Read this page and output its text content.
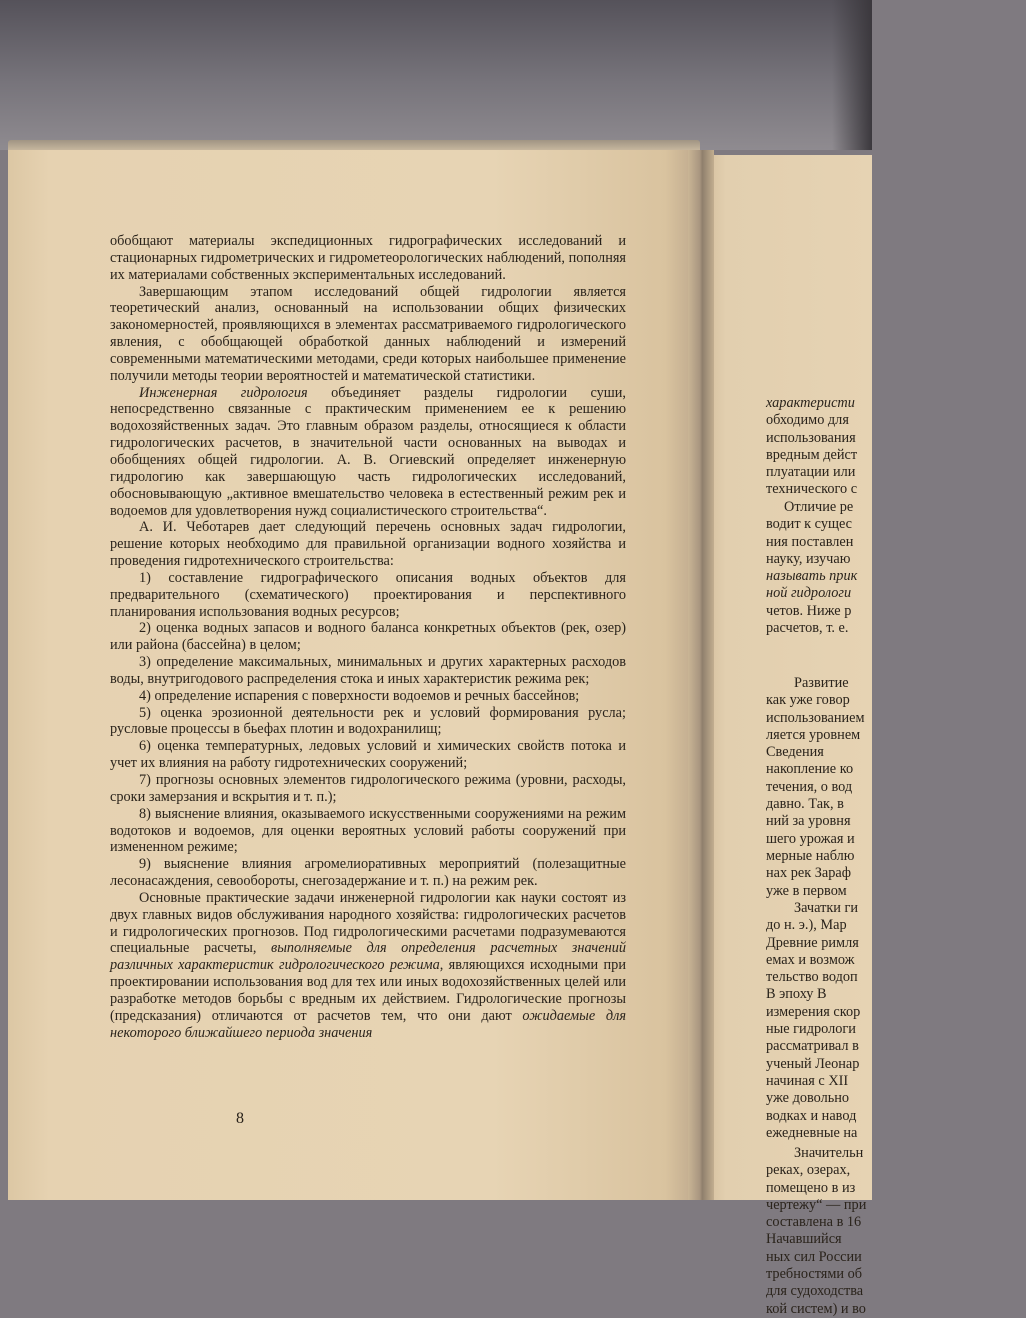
характеристи
обходимо для
использования
вредным дейст
плуатации или
технического с
Отличие ре
водит к сущес
ния поставлен
науку, изучаю
называть прик
ной гидрологи
четов. Ниже р
расчетов, т. е.
Развитие
как уже говор
использованием
ляется уровнем
Сведения
накопление ко
течения, о вод
давно. Так, в
ний за уровня
шего урожая и
мерные наблю
нах рек Зараф
уже в первом
Зачатки ги
до н. э.), Мар
Древние римля
емах и возмож
тельство водоп
В эпоху В
измерения скор
ные гидрологи
рассматривал в
ученый Леонар
начиная с XII
уже довольно
водках и навод
ежедневные на
Значительн
реках, озерах,
помещено в из
чертежу“ — при
составлена в 16
Начавшийся
ных сил России
требностями об
для судоходства
кой систем) и во

обобщают материалы экспедиционных гидрографических исследований и стационарных гидрометрических и гидрометеорологических наблюдений, пополняя их материалами собственных экспериментальных исследований.

Завершающим этапом исследований общей гидрологии является теоретический анализ, основанный на использовании общих физических закономерностей, проявляющихся в элементах рассматриваемого гидрологического явления, с обобщающей обработкой данных наблюдений и измерений современными математическими методами, среди которых наибольшее применение получили методы теории вероятностей и математической статистики.

Инженерная гидрология объединяет разделы гидрологии суши, непосредственно связанные с практическим применением ее к решению водохозяйственных задач. Это главным образом разделы, относящиеся к области гидрологических расчетов, в значительной части основанных на выводах и обобщениях общей гидрологии. А. В. Огиевский определяет инженерную гидрологию как завершающую часть гидрологических исследований, обосновывающую „активное вмешательство человека в естественный режим рек и водоемов для удовлетворения нужд социалистического строительства“.

А. И. Чеботарев дает следующий перечень основных задач гидрологии, решение которых необходимо для правильной организации водного хозяйства и проведения гидротехнического строительства:

1) составление гидрографического описания водных объектов для предварительного (схематического) проектирования и перспективного планирования использования водных ресурсов;

2) оценка водных запасов и водного баланса конкретных объектов (рек, озер) или района (бассейна) в целом;

3) определение максимальных, минимальных и других характерных расходов воды, внутригодового распределения стока и иных характеристик режима рек;

4) определение испарения с поверхности водоемов и речных бассейнов;

5) оценка эрозионной деятельности рек и условий формирования русла; русловые процессы в бьефах плотин и водохранилищ;

6) оценка температурных, ледовых условий и химических свойств потока и учет их влияния на работу гидротехнических сооружений;

7) прогнозы основных элементов гидрологического режима (уровни, расходы, сроки замерзания и вскрытия и т. п.);

8) выяснение влияния, оказываемого искусственными сооружениями на режим водотоков и водоемов, для оценки вероятных условий работы сооружений при измененном режиме;

9) выяснение влияния агромелиоративных мероприятий (полезащитные лесонасаждения, севообороты, снегозадержание и т. п.) на режим рек.

Основные практические задачи инженерной гидрологии как науки состоят из двух главных видов обслуживания народного хозяйства: гидрологических расчетов и гидрологических прогнозов. Под гидрологическими расчетами подразумеваются специальные расчеты, выполняемые для определения расчетных значений различных характеристик гидрологического режима, являющихся исходными при проектировании использования вод для тех или иных водохозяйственных целей или разработке методов борьбы с вредным их действием. Гидрологические прогнозы (предсказания) отличаются от расчетов тем, что они дают ожидаемые для некоторого ближайшего периода значения

8
